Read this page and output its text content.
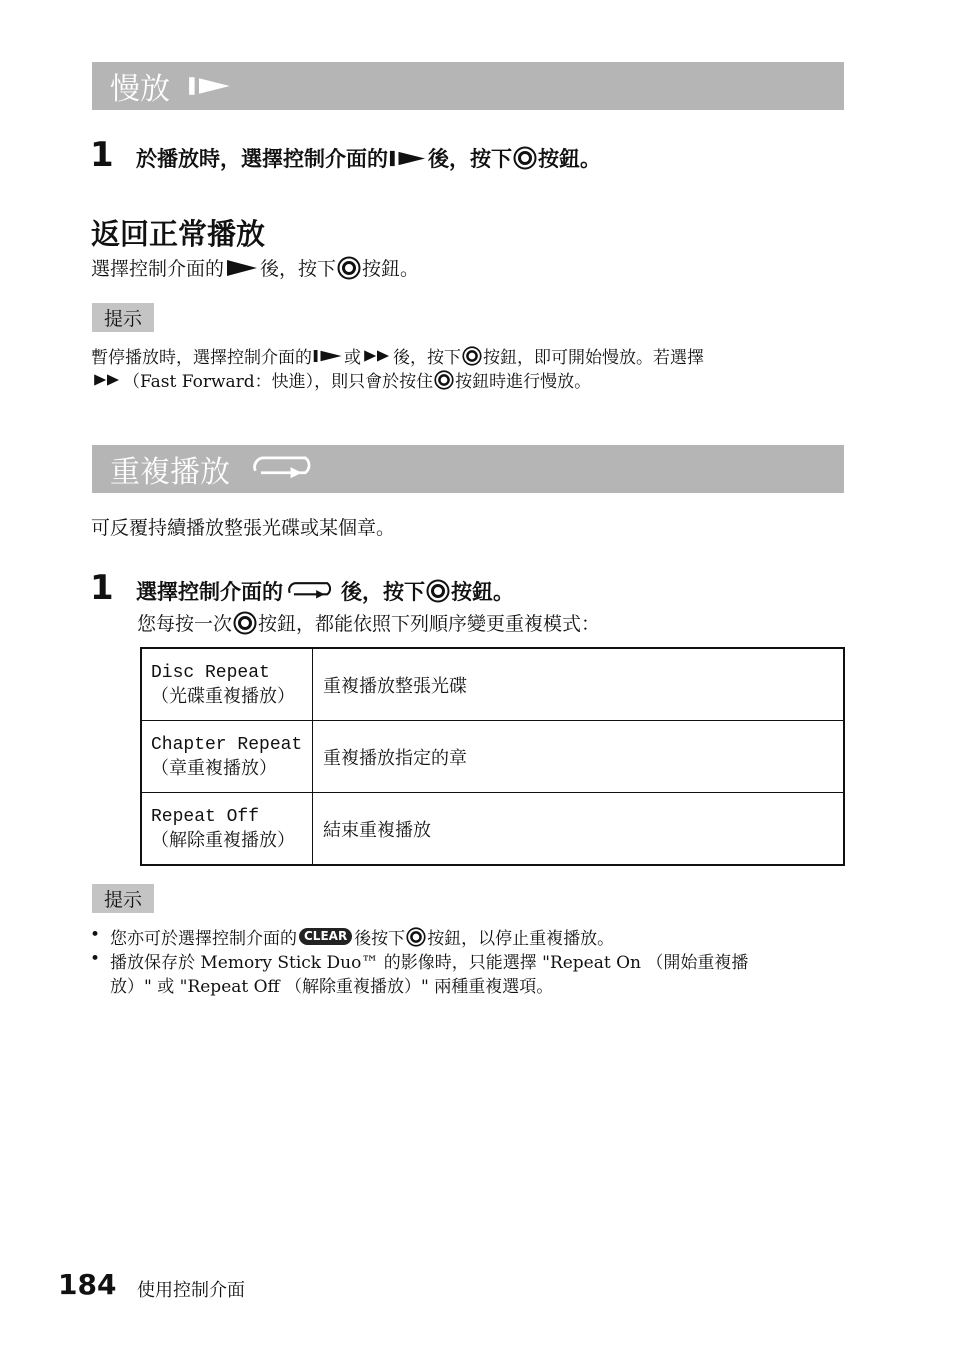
慢放
1 於播放時，選擇控制介面的 後，按下 按鈕。
返回正常播放
選擇控制介面的 後，按下 按鈕。
提示
暫停播放時，選擇控制介面的 或 後，按下 按鈕，即可開始慢放。若選擇
（Fast Forward：快進），則只會於按住 按鈕時進行慢放。
重複播放
可反覆持續播放整張光碟或某個章。
1 選擇控制介面的	後，按下 按鈕。
您每按一次 按鈕，都能依照下列順序變更重複模式：
Disc Repeat
（光碟重複播放）	重複播放整張光碟

Chapter Repeat
（章重複播放）	重複播放指定的章

Repeat Off
（解除重複播放）	結束重複播放
提示
• 您亦可於選擇控制介面的 CLEAR 後按下 按鈕，以停止重複播放。
• 播放保存於 Memory Stick Duo™ 的影像時，只能選擇 "Repeat On （開始重複播
放）" 或 "Repeat Off （解除重複播放）" 兩種重複選項。
184 使用控制介面
